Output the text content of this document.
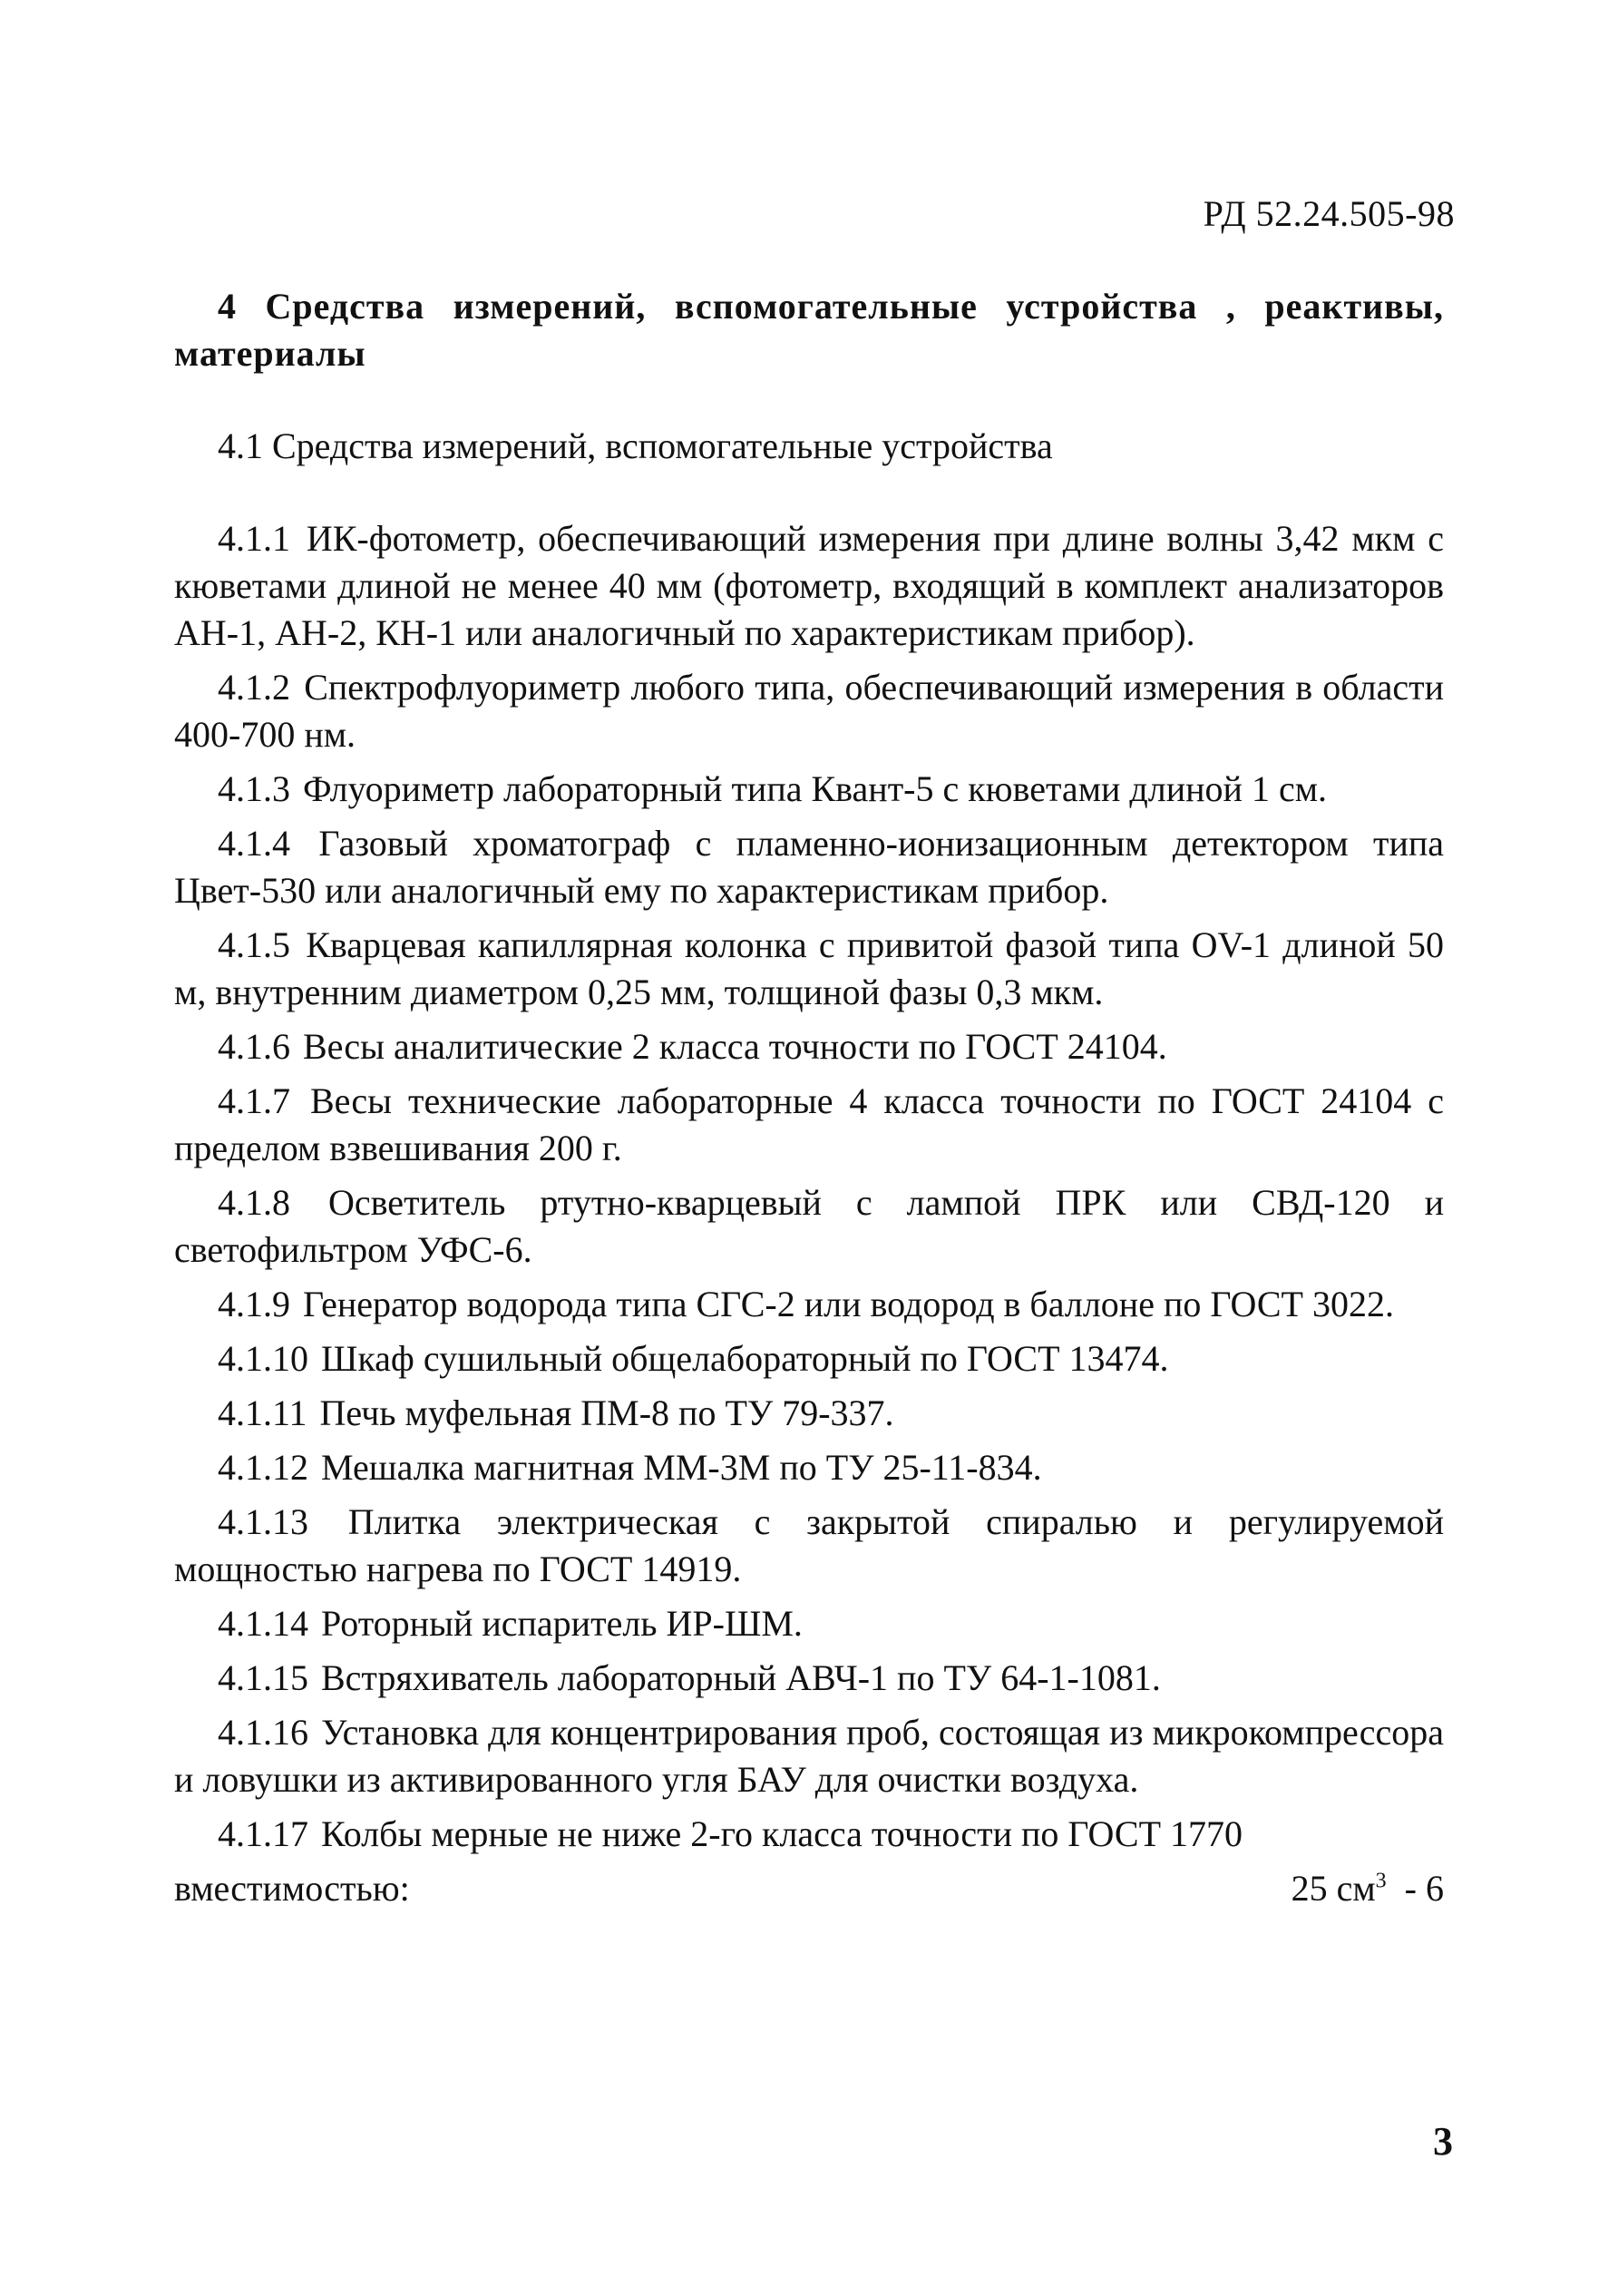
РД 52.24.505-98

4 Средства измерений, вспомогательные устройства , реактивы, материалы

4.1 Средства измерений, вспомогательные устройства

4.1.1 ИК-фотометр, обеспечивающий измерения при длине волны 3,42 мкм с кюветами длиной не менее 40 мм (фотометр, входящий в комплект анализаторов АН-1, АН-2, КН-1 или аналогичный по характеристикам прибор).

4.1.2 Спектрофлуориметр любого типа, обеспечивающий измерения в области 400-700 нм.

4.1.3 Флуориметр лабораторный типа Квант-5 с кюветами длиной 1 см.

4.1.4 Газовый хроматограф с пламенно-ионизационным детектором типа Цвет-530 или аналогичный ему по характеристикам прибор.

4.1.5 Кварцевая капиллярная колонка с привитой фазой типа OV-1 длиной 50 м, внутренним диаметром 0,25 мм, толщиной фазы 0,3 мкм.

4.1.6 Весы аналитические 2 класса точности по ГОСТ 24104.

4.1.7 Весы технические лабораторные 4 класса точности по ГОСТ 24104 с пределом взвешивания 200 г.

4.1.8 Осветитель ртутно-кварцевый с лампой ПРК или СВД-120 и светофильтром УФС-6.

4.1.9 Генератор водорода типа СГС-2 или водород в баллоне по ГОСТ 3022.

4.1.10 Шкаф сушильный общелабораторный по ГОСТ 13474.

4.1.11 Печь муфельная ПМ-8 по ТУ 79-337.

4.1.12 Мешалка магнитная ММ-3М по ТУ 25-11-834.

4.1.13 Плитка электрическая с закрытой спиралью и регулируемой мощностью нагрева по ГОСТ 14919.

4.1.14 Роторный испаритель ИР-ШМ.

4.1.15 Встряхиватель лабораторный АВЧ-1 по ТУ 64-1-1081.

4.1.16 Установка для концентрирования проб, состоящая из микрокомпрессора и ловушки из активированного угля БАУ для очистки воздуха.

4.1.17 Колбы мерные не ниже 2-го класса точности по ГОСТ 1770

вместимостью:	25 $см^3 - 6$
3
